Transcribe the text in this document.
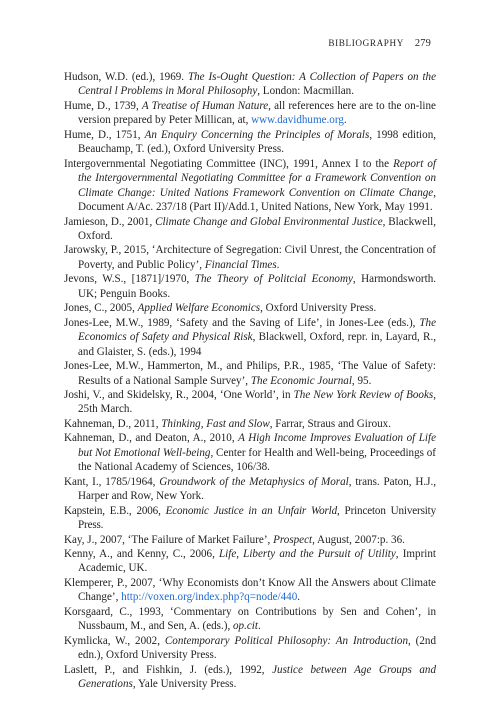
BIBLIOGRAPHY 279

Hudson, W.D. (ed.), 1969. The Is-Ought Question: A Collection of Papers on the Central l Problems in Moral Philosophy, London: Macmillan.

Hume, D., 1739, A Treatise of Human Nature, all references here are to the on-line version prepared by Peter Millican, at, www.davidhume.org.

Hume, D., 1751, An Enquiry Concerning the Principles of Morals, 1998 edition, Beauchamp, T. (ed.), Oxford University Press.

Intergovernmental Negotiating Committee (INC), 1991, Annex I to the Report of the Intergovernmental Negotiating Committee for a Framework Convention on Climate Change: United Nations Framework Convention on Climate Change, Document A/Ac. 237/18 (Part II)/Add.1, United Nations, New York, May 1991.

Jamieson, D., 2001, Climate Change and Global Environmental Justice, Blackwell, Oxford.

Jarowsky, P., 2015, ‘Architecture of Segregation: Civil Unrest, the Concentration of Poverty, and Public Policy’, Financial Times.

Jevons, W.S., [1871]/1970, The Theory of Politcial Economy, Harmondsworth. UK; Penguin Books.

Jones, C., 2005, Applied Welfare Economics, Oxford University Press.

Jones-Lee, M.W., 1989, ‘Safety and the Saving of Life’, in Jones-Lee (eds.), The Economics of Safety and Physical Risk, Blackwell, Oxford, repr. in, Layard, R., and Glaister, S. (eds.), 1994

Jones-Lee, M.W., Hammerton, M., and Philips, P.R., 1985, ‘The Value of Safety: Results of a National Sample Survey’, The Economic Journal, 95.

Joshi, V., and Skidelsky, R., 2004, ‘One World’, in The New York Review of Books, 25th March.

Kahneman, D., 2011, Thinking, Fast and Slow, Farrar, Straus and Giroux.

Kahneman, D., and Deaton, A., 2010, A High Income Improves Evaluation of Life but Not Emotional Well-being, Center for Health and Well-being, Proceedings of the National Academy of Sciences, 106/38.

Kant, I., 1785/1964, Groundwork of the Metaphysics of Moral, trans. Paton, H.J., Harper and Row, New York.

Kapstein, E.B., 2006, Economic Justice in an Unfair World, Princeton University Press.

Kay, J., 2007, ‘The Failure of Market Failure’, Prospect, August, 2007:p. 36.

Kenny, A., and Kenny, C., 2006, Life, Liberty and the Pursuit of Utility, Imprint Academic, UK.

Klemperer, P., 2007, ‘Why Economists don’t Know All the Answers about Climate Change’, http://voxen.org/index.php?q=node/440.

Korsgaard, C., 1993, ‘Commentary on Contributions by Sen and Cohen’, in Nussbaum, M., and Sen, A. (eds.), op.cit.

Kymlicka, W., 2002, Contemporary Political Philosophy: An Introduction, (2nd edn.), Oxford University Press.

Laslett, P., and Fishkin, J. (eds.), 1992, Justice between Age Groups and Generations, Yale University Press.
